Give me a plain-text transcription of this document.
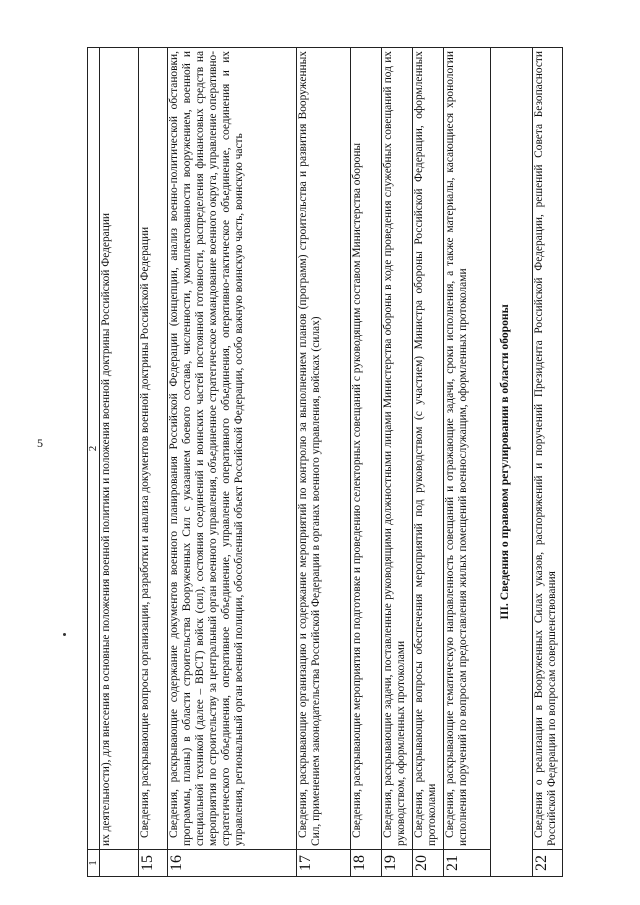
5
1	2
	их деятельности), для внесения в основные положения военной политики и положения военной доктрины Российской Федерации
15	Сведения, раскрывающие вопросы организации, разработки и анализа документов военной доктрины Российской Федерации
16	Сведения, раскрывающие содержание документов военного планирования Российской Федерации (концепции, анализ военно-политической обстановки, программы, планы) в области строительства Вооруженных Сил с указанием боевого состава, численности, укомплектованности вооружением, военной и специальной техникой (далее – ВВСТ) войск (сил), состояния соединений и воинских частей постоянной готовности, распределения финансовых средств на мероприятия по строительству за центральный орган военного управления, объединенное стратегическое командование военного округа, управление оперативно-стратегического объединения, оперативное объединение, управление оперативного объединения, оперативно-тактическое объединение, соединения и их управления, региональный орган военной полиции, обособленный объект Российской Федерации, особо важную воинскую часть, воинскую часть
17	Сведения, раскрывающие организацию и содержание мероприятий по контролю за выполнением планов (программ) строительства и развития Вооруженных Сил, применением законодательства Российской Федерации в органах военного управления, войсках (силах)
18	Сведения, раскрывающие мероприятия по подготовке и проведению селекторных совещаний с руководящим составом Министерства обороны
19	Сведения, раскрывающие задачи, поставленные руководящими должностными лицами Министерства обороны в ходе проведения служебных совещаний под их руководством, оформленных протоколами
20	Сведения, раскрывающие вопросы обеспечения мероприятий под руководством (с участием) Министра обороны Российской Федерации, оформленных протоколами
21	Сведения, раскрывающие тематическую направленность совещаний и отражающие задачи, сроки исполнения, а также материалы, касающиеся хронологии исполнения поручений по вопросам предоставления жилых помещений военнослужащим, оформленных протоколами
III. Сведения о правовом регулировании в области обороны	
22	Сведения о реализации в Вооруженных Силах указов, распоряжений и поручений Президента Российской Федерации, решений Совета Безопасности Российской Федерации по вопросам совершенствования
